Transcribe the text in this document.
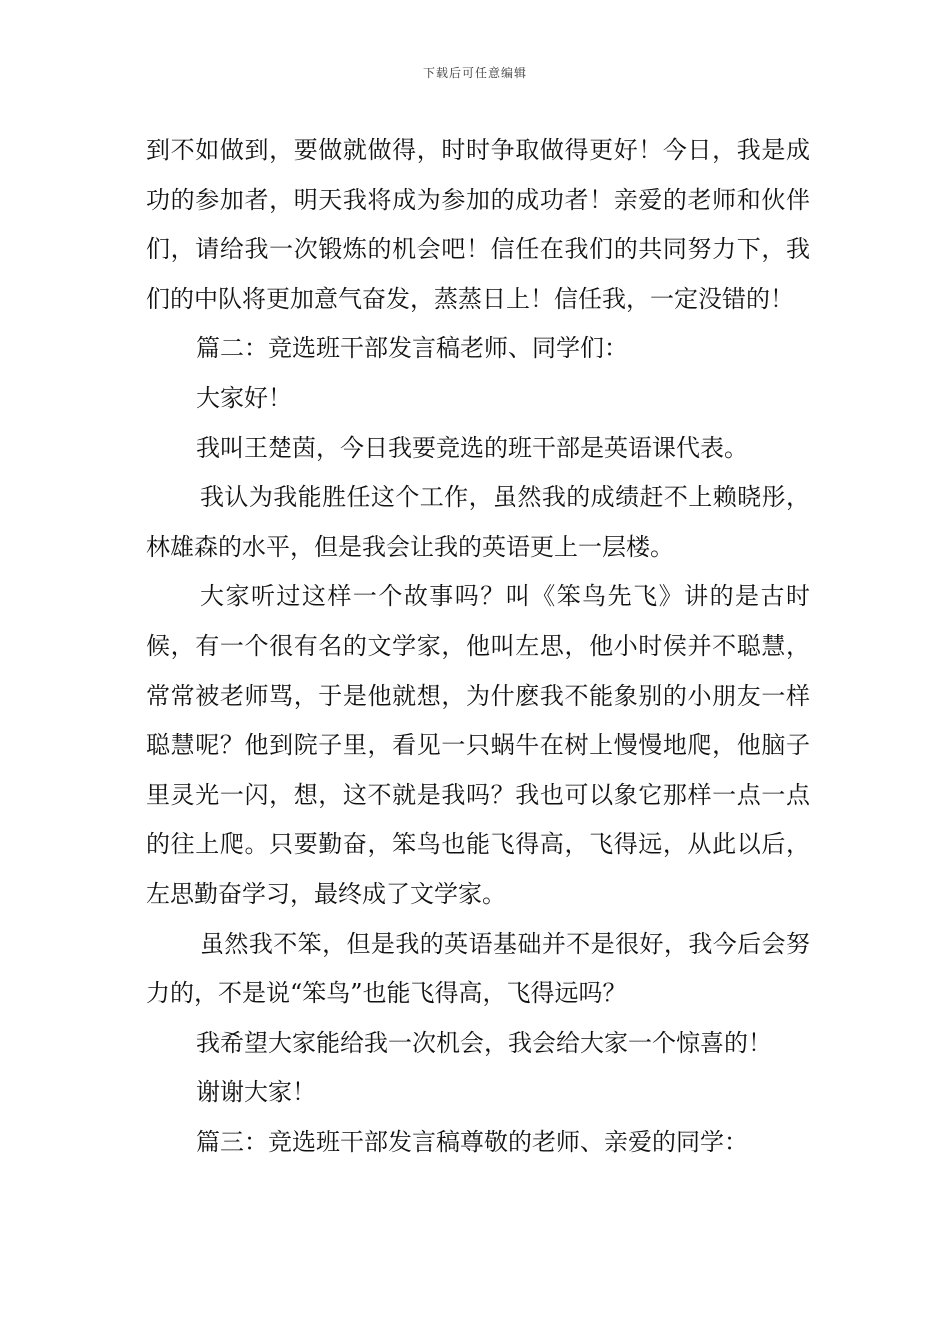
下载后可任意编辑

到不如做到，要做就做得，时时争取做得更好！今日，我是成功的参加者，明天我将成为参加的成功者！亲爱的老师和伙伴们，请给我一次锻炼的机会吧！信任在我们的共同努力下，我们的中队将更加意气奋发，蒸蒸日上！信任我，一定没错的！

篇二：竞选班干部发言稿老师、同学们：

大家好！

我叫王楚茵，今日我要竞选的班干部是英语课代表。

我认为我能胜任这个工作，虽然我的成绩赶不上赖晓彤，林雄森的水平，但是我会让我的英语更上一层楼。

大家听过这样一个故事吗？叫《笨鸟先飞》讲的是古时候，有一个很有名的文学家，他叫左思，他小时侯并不聪慧，常常被老师骂，于是他就想，为什麽我不能象别的小朋友一样聪慧呢？他到院子里，看见一只蜗牛在树上慢慢地爬，他脑子里灵光一闪，想，这不就是我吗？我也可以象它那样一点一点的往上爬。只要勤奋，笨鸟也能飞得高，飞得远，从此以后，左思勤奋学习，最终成了文学家。

虽然我不笨，但是我的英语基础并不是很好，我今后会努力的，不是说“笨鸟”也能飞得高，飞得远吗？

我希望大家能给我一次机会，我会给大家一个惊喜的！

谢谢大家！

篇三：竞选班干部发言稿尊敬的老师、亲爱的同学：
